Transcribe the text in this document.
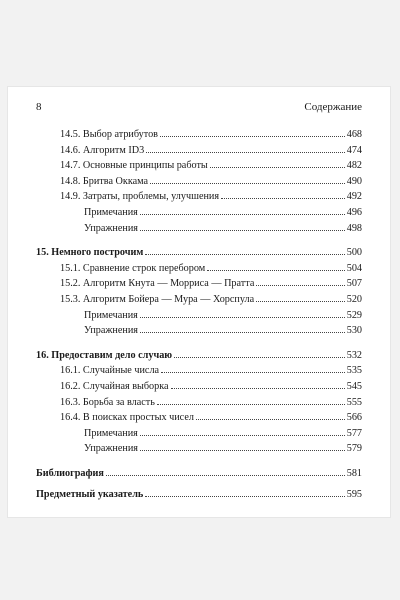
8	Содержание
14.5. Выбор атрибутов	468
14.6. Алгоритм ID3	474
14.7. Основные принципы работы	482
14.8. Бритва Оккама	490
14.9. Затраты, проблемы, улучшения	492
Примечания	496
Упражнения	498
15. Немного построчим	500
15.1. Сравнение строк перебором	504
15.2. Алгоритм Кнута — Морриса — Пратта	507
15.3. Алгоритм Бойера — Мура — Хорспула	520
Примечания	529
Упражнения	530
16. Предоставим дело случаю	532
16.1. Случайные числа	535
16.2. Случайная выборка	545
16.3. Борьба за власть	555
16.4. В поисках простых чисел	566
Примечания	577
Упражнения	579
Библиография	581
Предметный указатель	595
